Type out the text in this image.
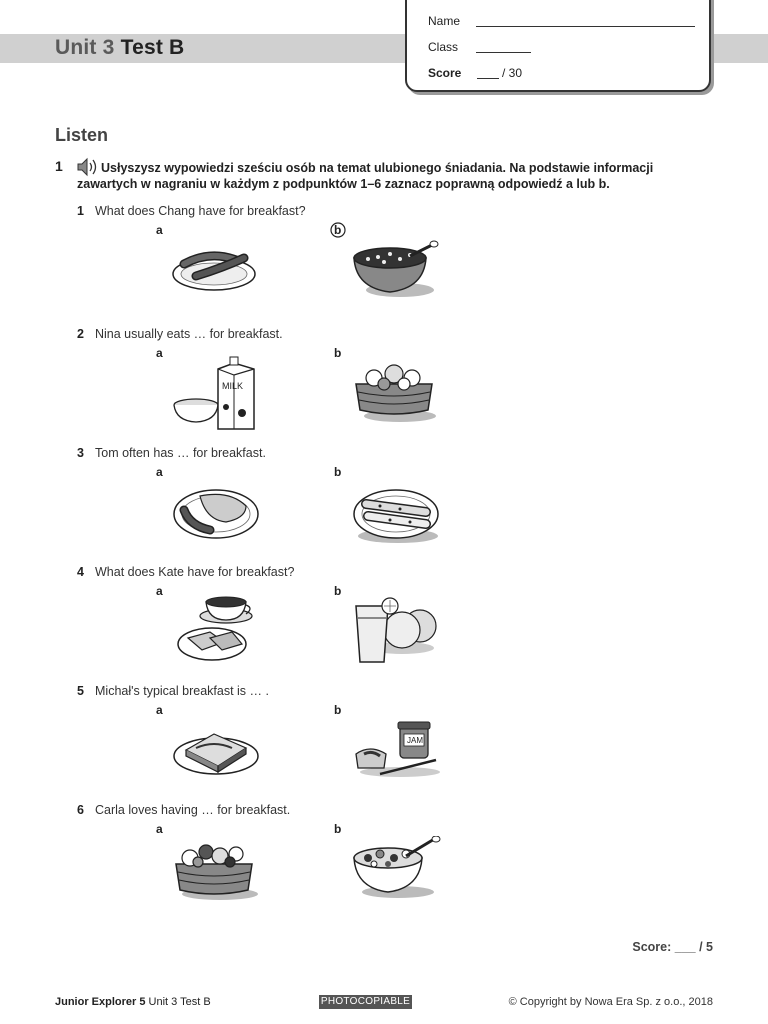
Unit 3 Test B
Name
Class
Score	/ 30
Listen
1	Usłyszysz wypowiedzi sześciu osób na temat ulubionego śniadania. Na podstawie informacji
zawartych w nagraniu w każdym z podpunktów 1–6 zaznacz poprawną odpowiedź a lub b.
1 What does Chang have for breakfast?
a	b
2 Nina usually eats … for breakfast.
a	b
MILK
3 Tom often has … for breakfast.
a	b
4 What does Kate have for breakfast?
a	b
5 Michał's typical breakfast is … .
a	b
JAM
6 Carla loves having … for breakfast.
a	b
Score: ___ / 5
Junior Explorer 5 Unit 3 Test B	PHOTOCOPIABLE	© Copyright by Nowa Era Sp. z o.o., 2018
